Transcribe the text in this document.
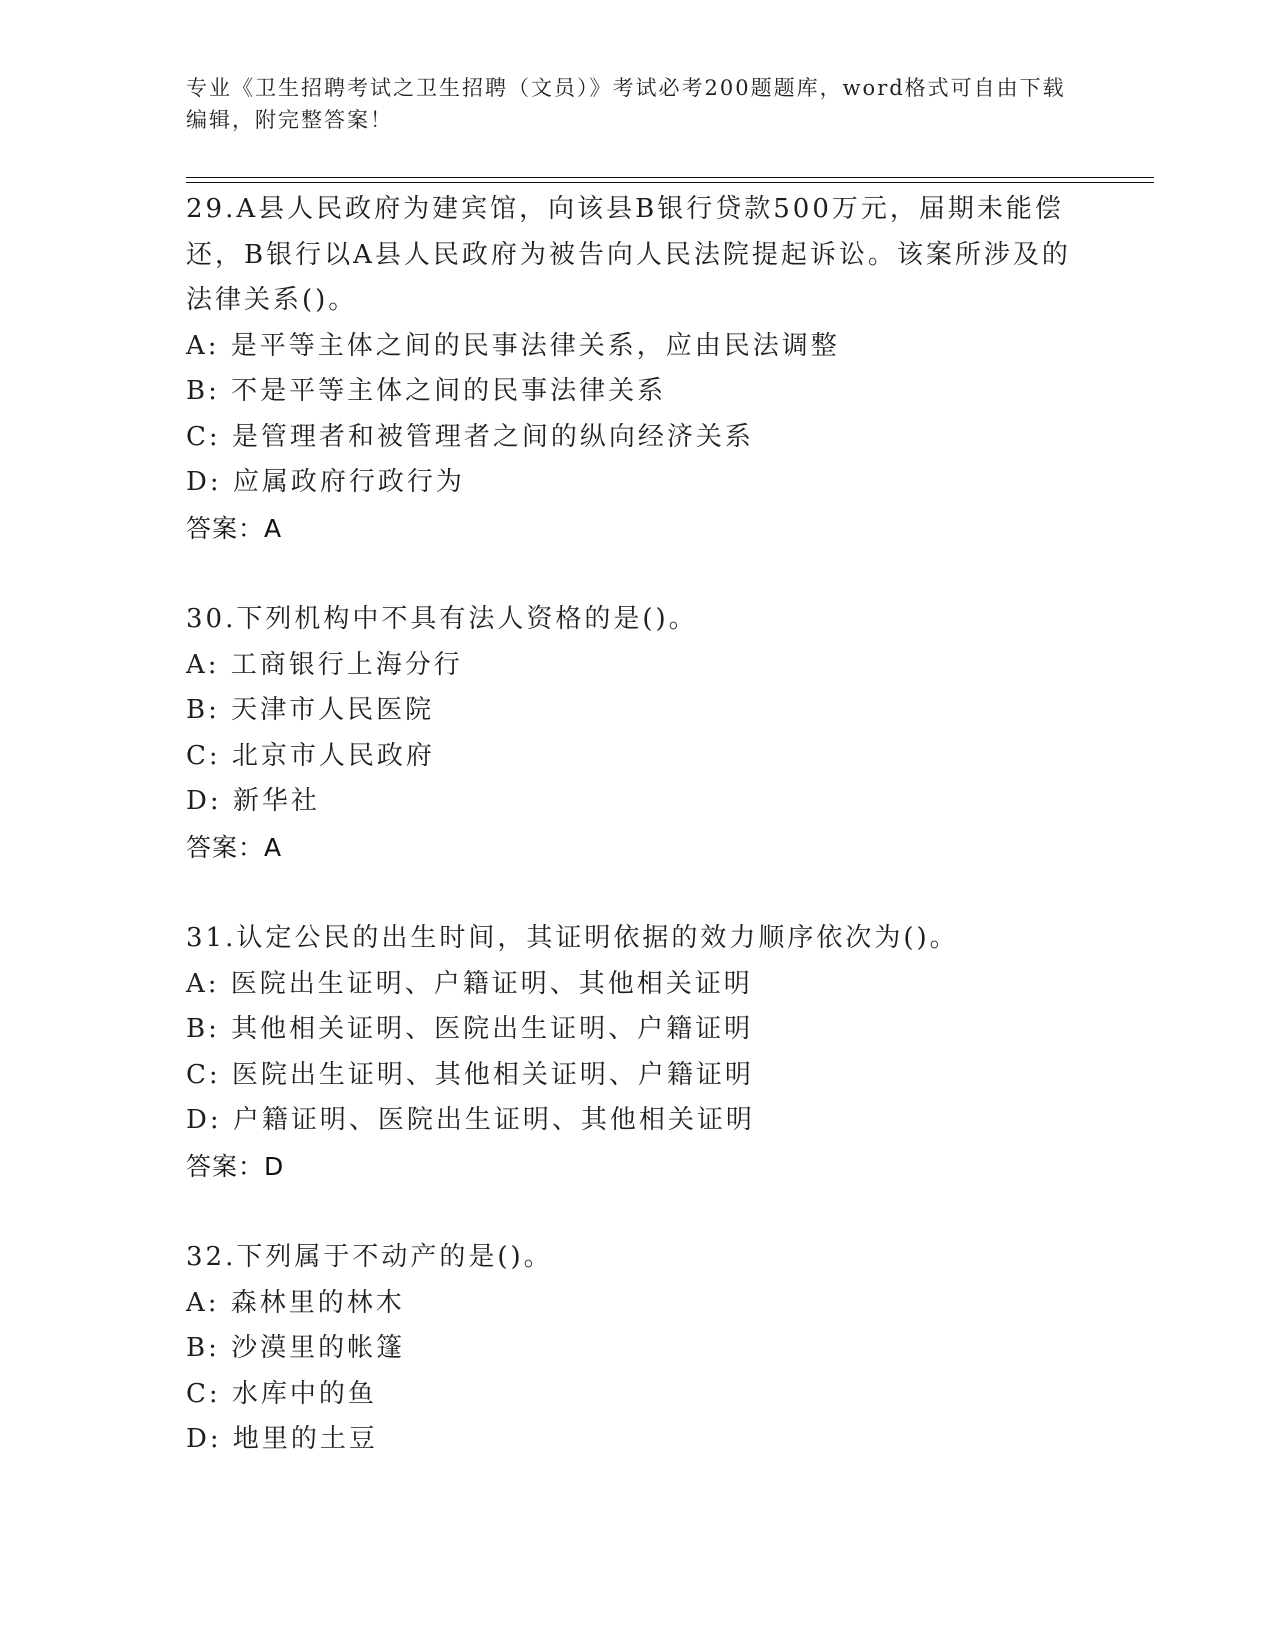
专业《卫生招聘考试之卫生招聘（文员）》考试必考200题题库，word格式可自由下载编辑，附完整答案！
29.A县人民政府为建宾馆，向该县B银行贷款500万元，届期未能偿还，B银行以A县人民政府为被告向人民法院提起诉讼。该案所涉及的法律关系()。
A: 是平等主体之间的民事法律关系，应由民法调整
B: 不是平等主体之间的民事法律关系
C: 是管理者和被管理者之间的纵向经济关系
D: 应属政府行政行为
答案：A
30.下列机构中不具有法人资格的是()。
A: 工商银行上海分行
B: 天津市人民医院
C: 北京市人民政府
D: 新华社
答案：A
31.认定公民的出生时间，其证明依据的效力顺序依次为()。
A: 医院出生证明、户籍证明、其他相关证明
B: 其他相关证明、医院出生证明、户籍证明
C: 医院出生证明、其他相关证明、户籍证明
D: 户籍证明、医院出生证明、其他相关证明
答案：D
32.下列属于不动产的是()。
A: 森林里的林木
B: 沙漠里的帐篷
C: 水库中的鱼
D: 地里的土豆
